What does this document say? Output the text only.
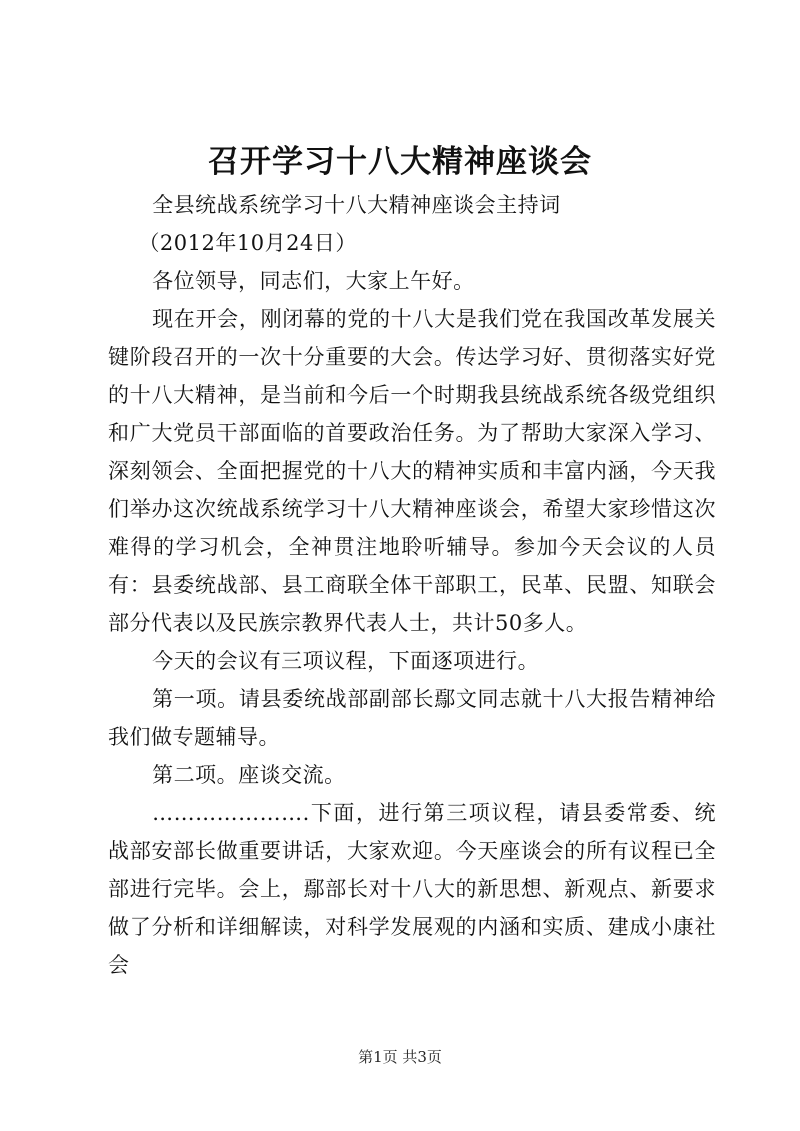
召开学习十八大精神座谈会

全县统战系统学习十八大精神座谈会主持词

（2012年10月24日）

各位领导，同志们，大家上午好。

现在开会，刚闭幕的党的十八大是我们党在我国改革发展关键阶段召开的一次十分重要的大会。传达学习好、贯彻落实好党的十八大精神，是当前和今后一个时期我县统战系统各级党组织和广大党员干部面临的首要政治任务。为了帮助大家深入学习、深刻领会、全面把握党的十八大的精神实质和丰富内涵，今天我们举办这次统战系统学习十八大精神座谈会，希望大家珍惜这次难得的学习机会，全神贯注地聆听辅导。参加今天会议的人员有：县委统战部、县工商联全体干部职工，民革、民盟、知联会部分代表以及民族宗教界代表人士，共计50多人。

今天的会议有三项议程，下面逐项进行。

第一项。请县委统战部副部长鄢文同志就十八大报告精神给我们做专题辅导。

第二项。座谈交流。

………………….下面，进行第三项议程，请县委常委、统战部安部长做重要讲话，大家欢迎。今天座谈会的所有议程已全部进行完毕。会上，鄢部长对十八大的新思想、新观点、新要求做了分析和详细解读，对科学发展观的内涵和实质、建成小康社会

第1页 共3页
